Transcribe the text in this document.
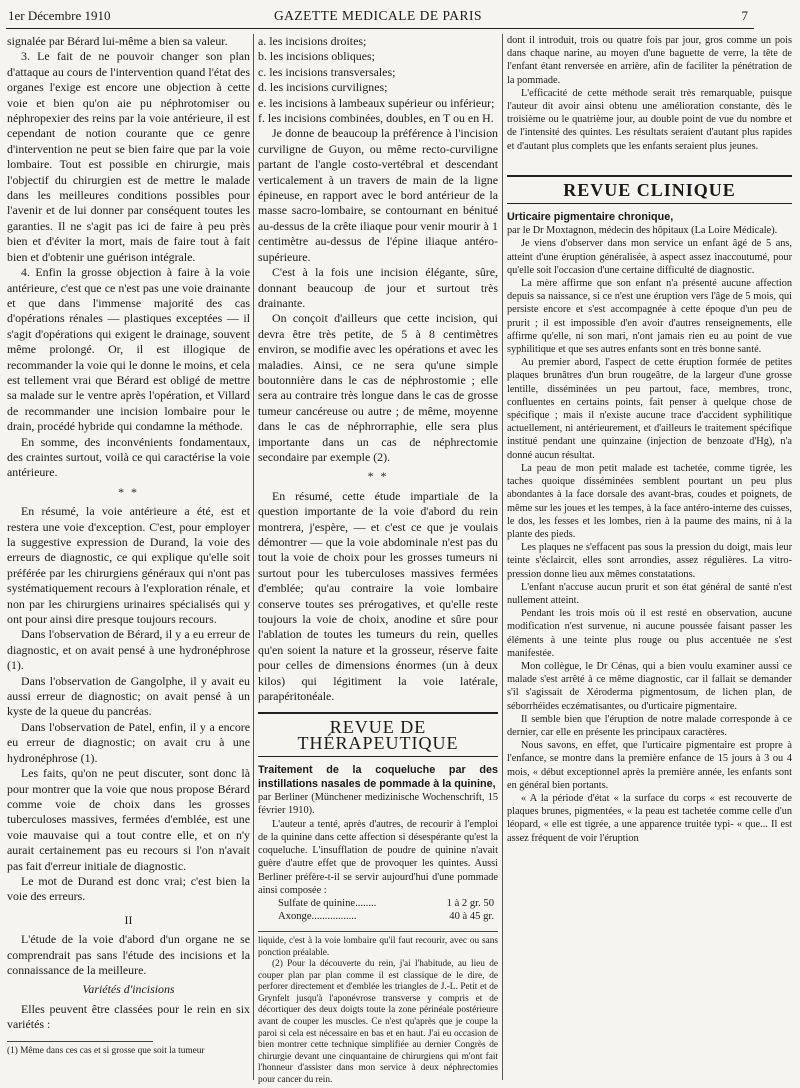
1er Décembre 1910	GAZETTE MEDICALE DE PARIS	7

signalée par Bérard lui-même a bien sa valeur.

3. Le fait de ne pouvoir changer son plan d'attaque au cours de l'intervention quand l'état des organes l'exige est encore une objection à cette voie et bien qu'on aie pu néphrotomiser ou néphropexier des reins par la voie antérieure, il est cependant de notion courante que ce genre d'intervention ne peut se bien faire que par la voie lombaire. Tout est possible en chirurgie, mais l'objectif du chirurgien est de mettre le malade dans les meilleures conditions possibles pour l'avenir et de lui donner par conséquent toutes les garanties. Il ne s'agit pas ici de faire à peu près bien et d'éviter la mort, mais de faire tout à fait bien et d'obtenir une guérison intégrale.

4. Enfin la grosse objection à faire à la voie antérieure, c'est que ce n'est pas une voie drainante et que dans l'immense majorité des cas d'opérations rénales — plastiques exceptées — il s'agit d'opérations qui exigent le drainage, souvent même prolongé. Or, il est illogique de recommander la voie qui le donne le moins, et cela est tellement vrai que Bérard est obligé de mettre sa malade sur le ventre après l'opération, et Villard de recommander une incision lombaire pour le drain, procédé hybride qui condamne la méthode.

En somme, des inconvénients fondamentaux, des craintes surtout, voilà ce qui caractérise la voie antérieure.

* *

En résumé, la voie antérieure a été, est et restera une voie d'exception. C'est, pour employer la suggestive expression de Durand, la voie des erreurs de diagnostic, ce qui explique qu'elle soit préférée par les chirurgiens généraux qui n'ont pas systématiquement recours à l'exploration rénale, et non par les chirurgiens urinaires spécialisés qui y ont pour ainsi dire presque toujours recours.

Dans l'observation de Bérard, il y a eu erreur de diagnostic, et on avait pensé à une hydronéphrose (1).

Dans l'observation de Gangolphe, il y avait eu aussi erreur de diagnostic; on avait pensé à un kyste de la queue du pancréas.

Dans l'observation de Patel, enfin, il y a encore eu erreur de diagnostic; on avait cru à une hydronéphrose (1).

Les faits, qu'on ne peut discuter, sont donc là pour montrer que la voie que nous propose Bérard comme voie de choix dans les grosses tuberculoses massives, fermées d'emblée, est une voie mauvaise qui a tout contre elle, et on n'y aurait certainement pas eu recours si l'on n'avait pas fait d'erreur initiale de diagnostic.

Le mot de Durand est donc vrai; c'est bien la voie des erreurs.

II

L'étude de la voie d'abord d'un organe ne se comprendrait pas sans l'étude des incisions et la connaissance de la meilleure.

Variétés d'incisions

Elles peuvent être classées pour le rein en six variétés :

(1) Même dans ces cas et si grosse que soit la tumeur

a. les incisions droites;

b. les incisions obliques;

c. les incisions transversales;

d. les incisions curvilignes;

e. les incisions à lambeaux supérieur ou inférieur;

f. les incisions combinées, doubles, en T ou en H.

Je donne de beaucoup la préférence à l'incision curviligne de Guyon, ou même recto-curviligne partant de l'angle costo-vertébral et descendant verticalement à un travers de main de la ligne épineuse, en rapport avec le bord antérieur de la masse sacro-lombaire, se contournant en bénitué au-dessus de la crête iliaque pour venir mourir à 1 centimètre au-dessus de l'épine iliaque antéro-supérieure.

C'est à la fois une incision élégante, sûre, donnant beaucoup de jour et surtout très drainante.

On conçoit d'ailleurs que cette incision, qui devra être très petite, de 5 à 8 centimètres environ, se modifie avec les opérations et avec les maladies. Ainsi, ce ne sera qu'une simple boutonnière dans le cas de néphrostomie ; elle sera au contraire très longue dans le cas de grosse tumeur cancéreuse ou autre ; de même, moyenne dans le cas de néphrorraphie, elle sera plus importante dans un cas de néphrectomie secondaire par exemple (2).

* *

En résumé, cette étude impartiale de la question importante de la voie d'abord du rein montrera, j'espère, — et c'est ce que je voulais démontrer — que la voie abdominale n'est pas du tout la voie de choix pour les grosses tumeurs ni surtout pour les tuberculoses massives fermées d'emblée; qu'au contraire la voie lombaire conserve toutes ses prérogatives, et qu'elle reste toujours la voie de choix, anodine et sûre pour l'ablation de toutes les tumeurs du rein, quelles qu'en soient la nature et la grosseur, réserve faite pour celles de dimensions énormes (un à deux kilos) qui légitiment la voie latérale, parapéritonéale.

REVUE DE THÉRAPEUTIQUE

Traitement de la coqueluche par des instillations nasales de pommade à la quinine,

par Berliner (Münchener medizinische Wochenschrift, 15 février 1910).

L'auteur a tenté, après d'autres, de recourir à l'emploi de la quinine dans cette affection si désespérante qu'est la coqueluche. L'insufflation de poudre de quinine n'avait guère d'autre effet que de provoquer les quintes. Aussi Berliner préfère-t-il se servir aujourd'hui d'une pommade ainsi composée :

Sulfate de quinine........	1 à 2 gr. 50
Axonge.................	40 à 45 gr.

liquide, c'est à la voie lombaire qu'il faut recourir, avec ou sans ponction préalable.

(2) Pour la découverte du rein, j'ai l'habitude, au lieu de couper plan par plan comme il est classique de le dire, de perforer directement et d'emblée les triangles de J.-L. Petit et de Grynfelt jusqu'à l'aponévrose transverse y compris et de décortiquer des deux doigts toute la zone périnéale postérieure avant de couper les muscles. Ce n'est qu'après que je coupe la paroi si cela est nécessaire en bas et en haut. J'ai eu occasion de bien montrer cette technique simplifiée au dernier Congrès de chirurgie devant une cinquantaine de chirurgiens qui m'ont fait l'honneur d'assister dans mon service à deux néphrectomies pour cancer du rein.

dont il introduit, trois ou quatre fois par jour, gros comme un pois dans chaque narine, au moyen d'une baguette de verre, la tête de l'enfant étant renversée en arrière, afin de faciliter la pénétration de la pommade.

L'efficacité de cette méthode serait très remarquable, puisque l'auteur dit avoir ainsi obtenu une amélioration constante, dès le troisième ou le quatrième jour, au double point de vue du nombre et de l'intensité des quintes. Les résultats seraient d'autant plus rapides et d'autant plus complets que les enfants seraient plus jeunes.

REVUE CLINIQUE

Urticaire pigmentaire chronique,

par le Dr Moxtagnon, médecin des hôpitaux (La Loire Médicale).

Je viens d'observer dans mon service un enfant âgé de 5 ans, atteint d'une éruption généralisée, à aspect assez inaccoutumé, pour qu'elle soit l'occasion d'une certaine difficulté de diagnostic.

La mère affirme que son enfant n'a présenté aucune affection depuis sa naissance, si ce n'est une éruption vers l'âge de 5 mois, qui persiste encore et s'est accompagnée à cette époque d'un peu de prurit ; il est impossible d'en avoir d'autres renseignements, elle affirme qu'elle, ni son mari, n'ont jamais rien eu au point de vue syphilitique et que ses autres enfants sont en très bonne santé.

Au premier abord, l'aspect de cette éruption formée de petites plaques brunâtres d'un brun rougeâtre, de la largeur d'une grosse lentille, disséminées un peu partout, face, membres, tronc, confluentes en certains points, fait penser à quelque chose de spécifique ; mais il n'existe aucune trace d'accident syphilitique actuellement, ni antérieurement, et d'ailleurs le traitement spécifique institué pendant une quinzaine (injection de benzoate d'Hg), n'a donné aucun résultat.

La peau de mon petit malade est tachetée, comme tigrée, les taches quoique disséminées semblent pourtant un peu plus abondantes à la face dorsale des avant-bras, coudes et poignets, de même sur les joues et les tempes, à la face antéro-interne des cuisses, le dos, les fesses et les lombes, rien à la paume des mains, ni à la plante des pieds.

Les plaques ne s'effacent pas sous la pression du doigt, mais leur teinte s'éclaircit, elles sont arrondies, assez régulières. La vitro-pression donne lieu aux mêmes constatations.

L'enfant n'accuse aucun prurit et son état général de santé n'est nullement atteint.

Pendant les trois mois où il est resté en observation, aucune modification n'est survenue, ni aucune poussée faisant passer les éléments à une teinte plus rouge ou plus accentuée ne s'est manifestée.

Mon collègue, le Dr Cénas, qui a bien voulu examiner aussi ce malade s'est arrêté à ce même diagnostic, car il fallait se demander s'il s'agissait de Xéroderma pigmentosum, de lichen plan, de séborrhéides eczématisantes, ou d'urticaire pigmentaire.

Il semble bien que l'éruption de notre malade corresponde à ce dernier, car elle en présente les principaux caractères.

Nous savons, en effet, que l'urticaire pigmentaire est propre à l'enfance, se montre dans la première enfance de 15 jours à 3 ou 4 mois, « début exceptionnel après la première année, les enfants sont en général bien portants.

« A la période d'état « la surface du corps « est recouverte de plaques brunes, pigmentées, « la peau est tachetée comme celle d'un léopard, « elle est tigrée, a une apparence truitée typi- « que... Il est assez fréquent de voir l'éruption
